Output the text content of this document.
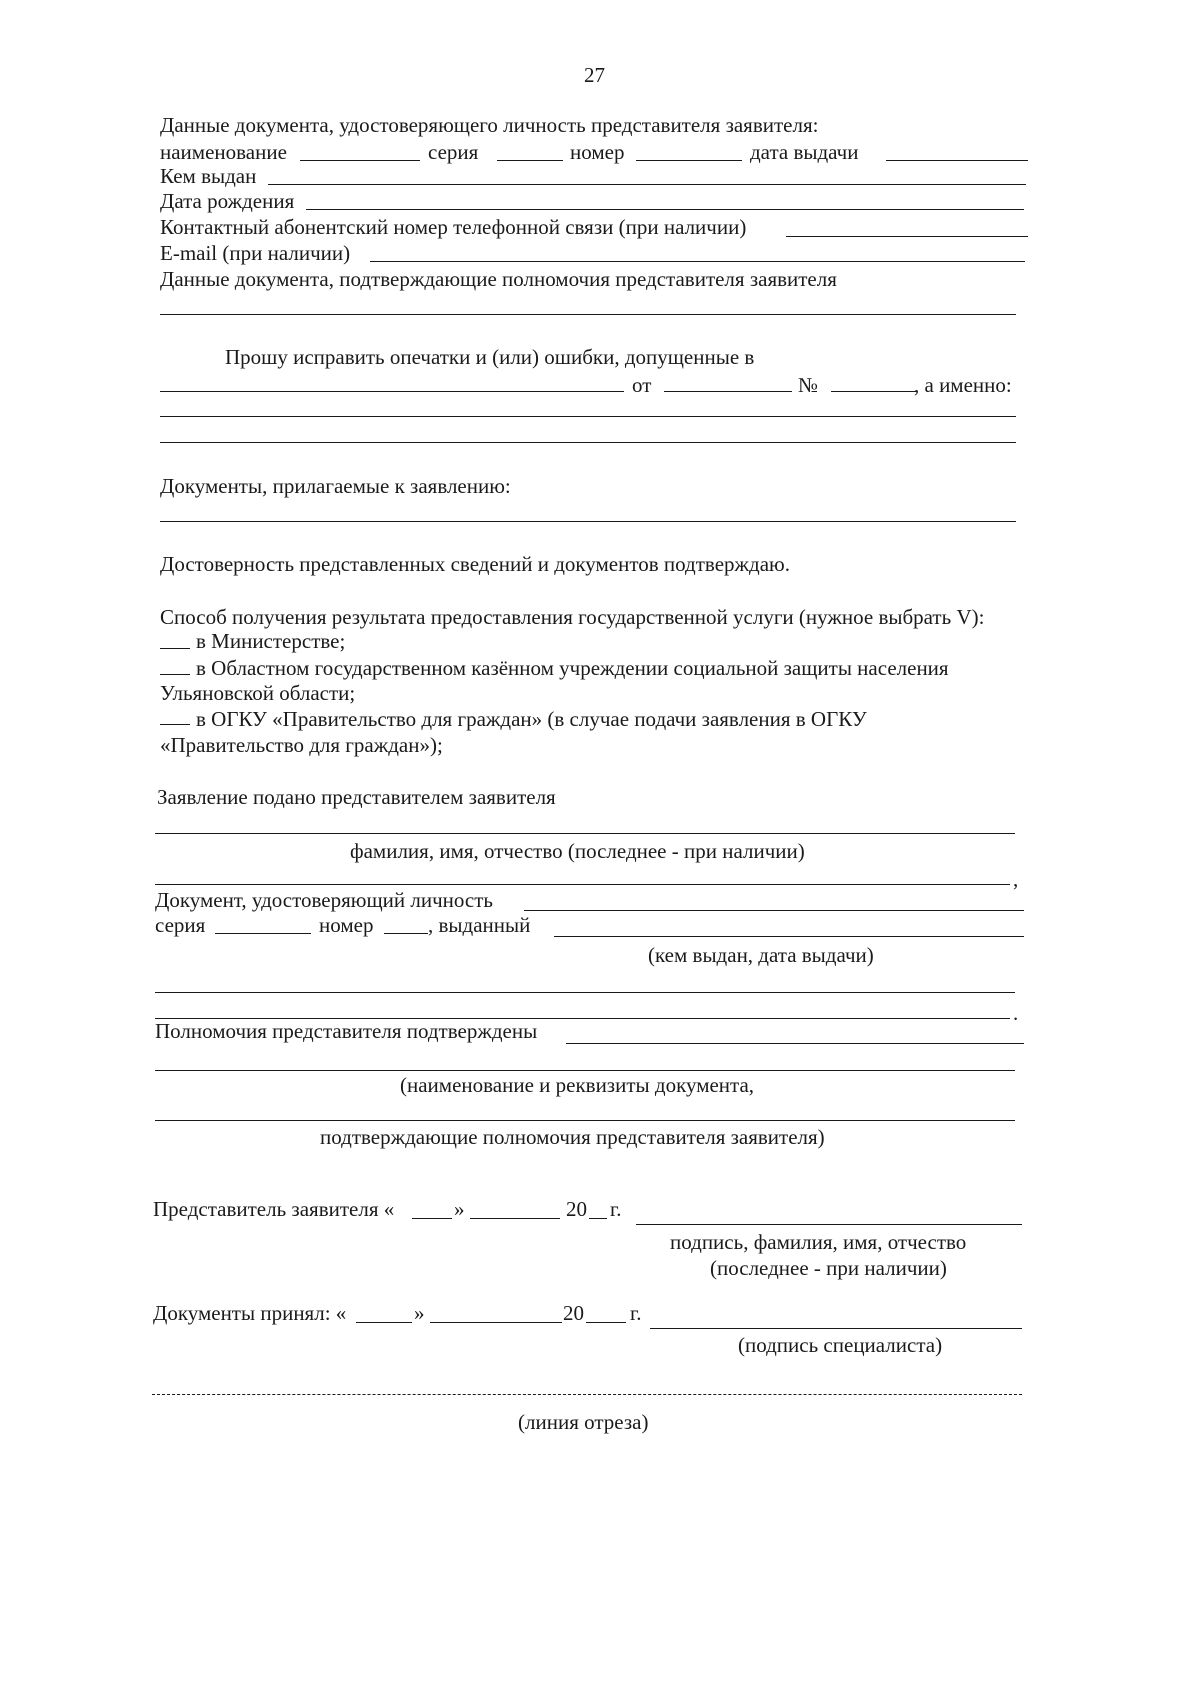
27
Данные документа, удостоверяющего личность представителя заявителя:
наименование	серия	номер	дата выдачи
Кем выдан
Дата рождения
Контактный абонентский номер телефонной связи (при наличии)
E-mail (при наличии)
Данные документа, подтверждающие полномочия представителя заявителя
Прошу исправить опечатки и (или) ошибки, допущенные в
от	№	, а именно:
Документы, прилагаемые к заявлению:
Достоверность представленных сведений и документов подтверждаю.
Способ получения результата предоставления государственной услуги (нужное выбрать V):
в Министерстве;
в Областном государственном казённом учреждении социальной защиты населения
Ульяновской области;
в ОГКУ «Правительство для граждан» (в случае подачи заявления в ОГКУ
«Правительство для граждан»);
Заявление подано представителем заявителя
фамилия, имя, отчество (последнее - при наличии)
,
Документ, удостоверяющий личность
серия	номер	, выданный
(кем выдан, дата выдачи)
.
Полномочия представителя подтверждены
(наименование и реквизиты документа,
подтверждающие полномочия представителя заявителя)
Представитель заявителя «	»	20 г.
подпись, фамилия, имя, отчество
(последнее - при наличии)
Документы принял: «	»	20 г.
(подпись специалиста)
(линия отреза)
